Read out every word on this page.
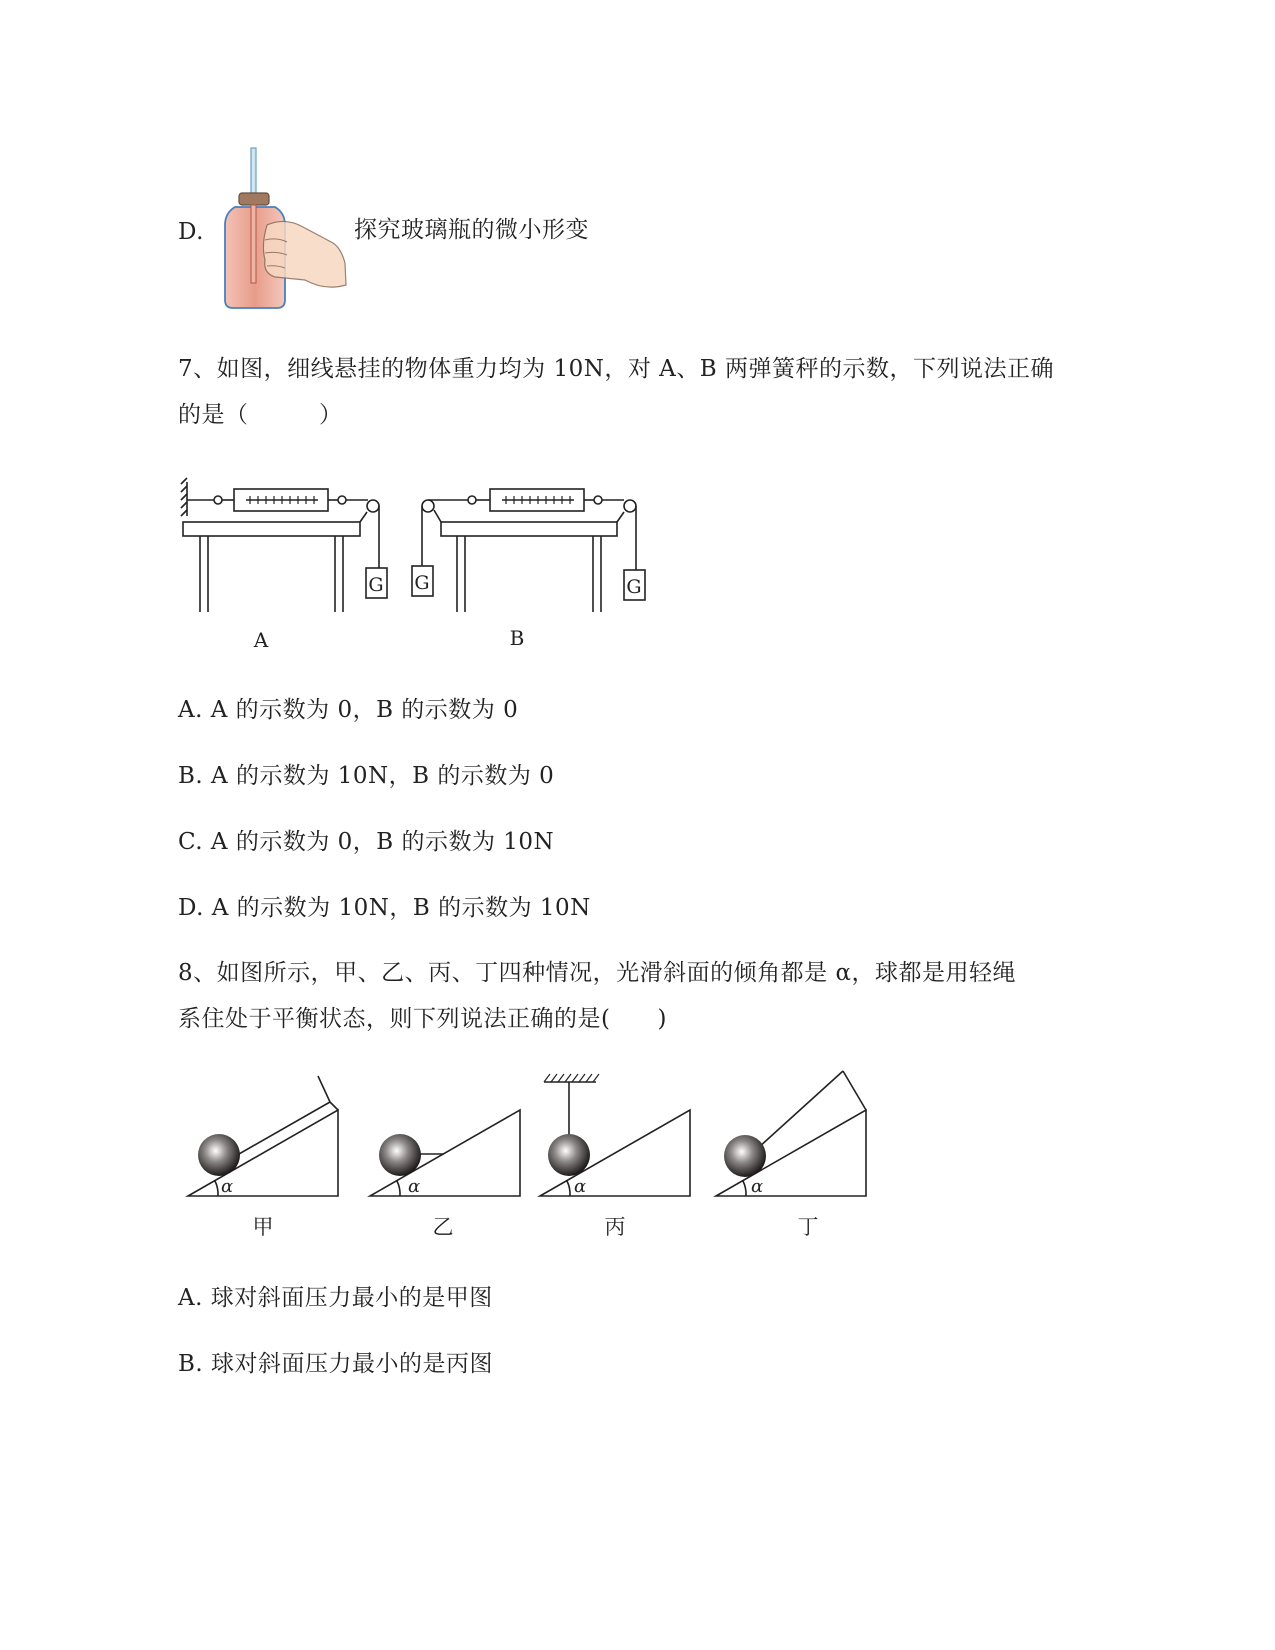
D.	探究玻璃瓶的微小形变
7、如图，细线悬挂的物体重力均为 10N，对 A、B 两弹簧秤的示数，下列说法正确
的是（　　　）
G G	G
A	B
A. A 的示数为 0，B 的示数为 0
B. A 的示数为 10N，B 的示数为 0
C. A 的示数为 0，B 的示数为 10N
D. A 的示数为 10N，B 的示数为 10N
8、如图所示，甲、乙、丙、丁四种情况，光滑斜面的倾角都是 α，球都是用轻绳
系住处于平衡状态，则下列说法正确的是(　　)
α	α	α	α
甲	乙	丙	丁
A. 球对斜面压力最小的是甲图
B. 球对斜面压力最小的是丙图
